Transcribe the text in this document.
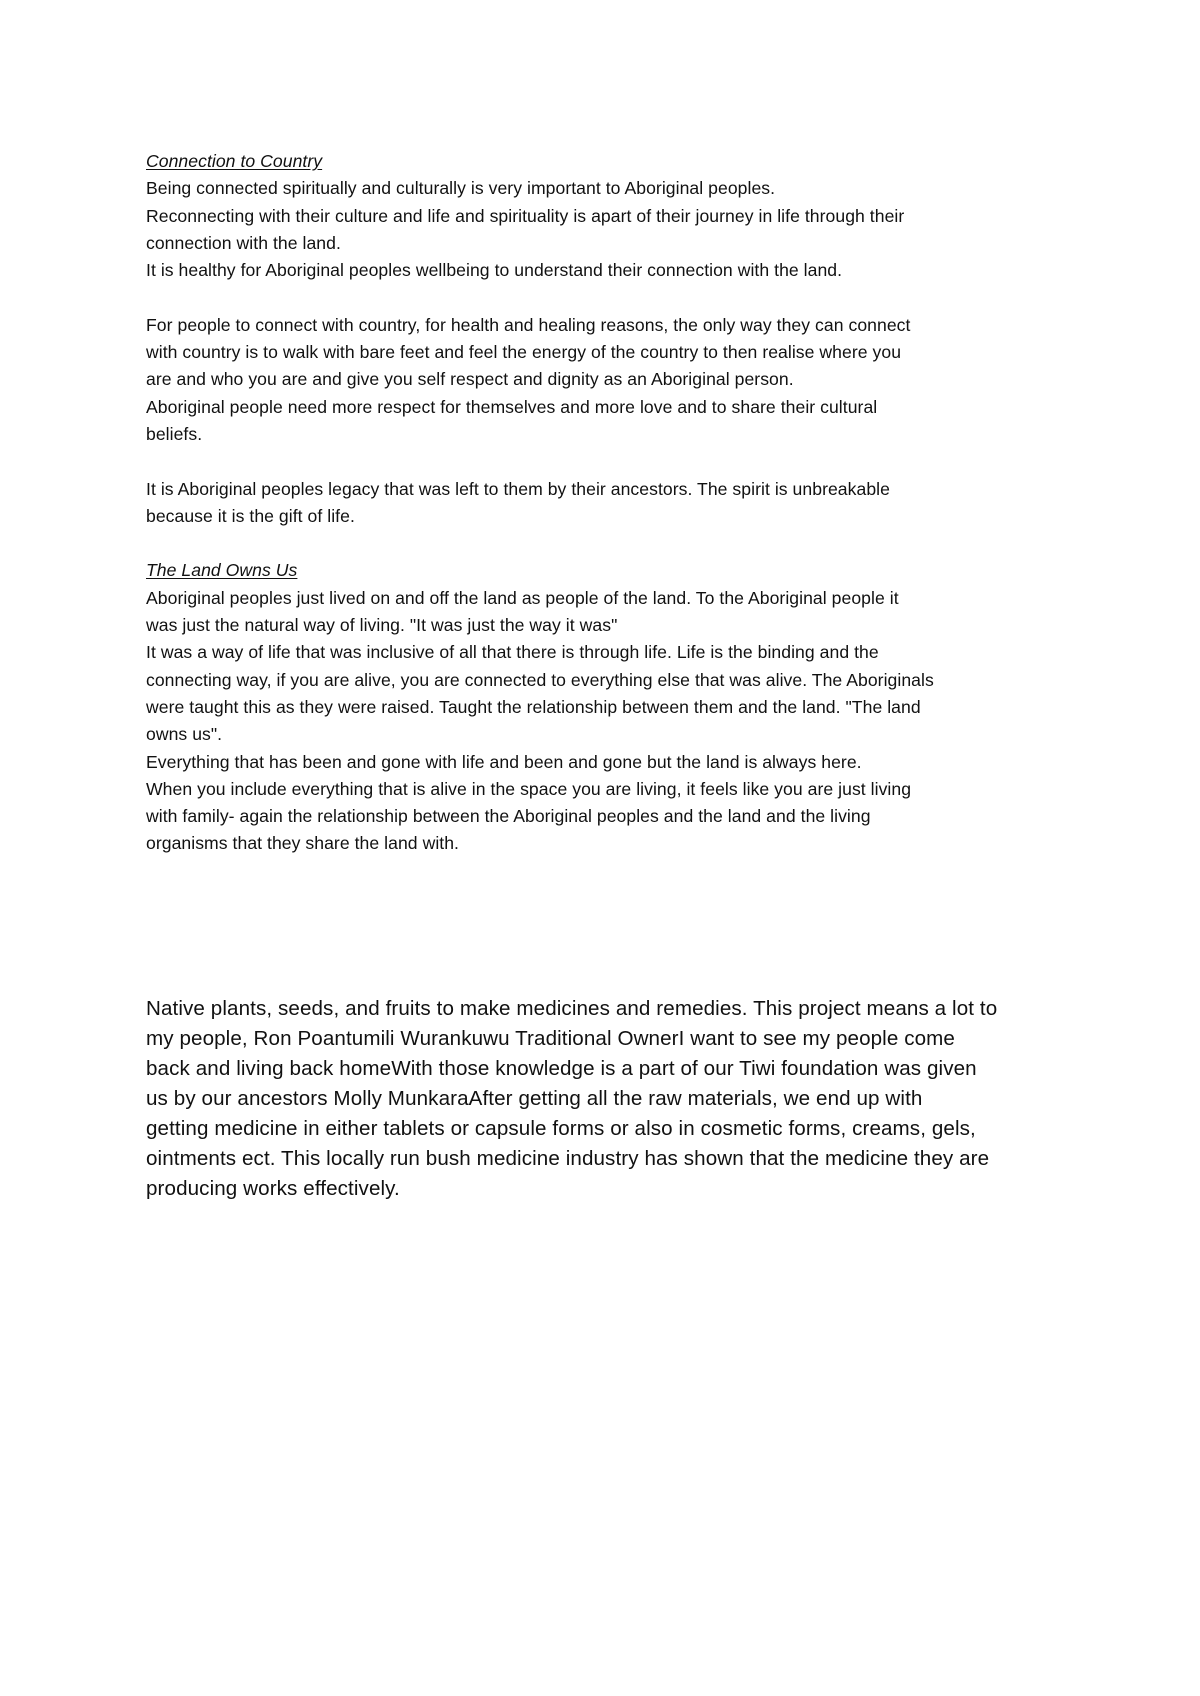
Connection to Country

Being connected spiritually and culturally is very important to Aboriginal peoples.

Reconnecting with their culture and life and spirituality is apart of their journey in life through their

connection with the land.

It is healthy for Aboriginal peoples wellbeing to understand their connection with the land.

For people to connect with country, for health and healing reasons, the only way they can connect

with country is to walk with bare feet and feel the energy of the country to then realise where you

are and who you are and give you self respect and dignity as an Aboriginal person.

Aboriginal people need more respect for themselves and more love and to share their cultural

beliefs.

It is Aboriginal peoples legacy that was left to them by their ancestors. The spirit is unbreakable

because it is the gift of life.

The Land Owns Us

Aboriginal peoples just lived on and off the land as people of the land. To the Aboriginal people it

was just the natural way of living. "It was just the way it was"

It was a way of life that was inclusive of all that there is through life. Life is the binding and the

connecting way, if you are alive, you are connected to everything else that was alive. The Aboriginals

were taught this as they were raised. Taught the relationship between them and the land. "The land

owns us".

Everything that has been and gone with life and been and gone but the land is always here.

When you include everything that is alive in the space you are living, it feels like you are just living

with family- again the relationship between the Aboriginal peoples and the land and the living

organisms that they share the land with.

Native plants, seeds, and fruits to make medicines and remedies. This project means a lot to

my people, Ron Poantumili Wurankuwu Traditional OwnerI want to see my people come

back and living back homeWith those knowledge is a part of our Tiwi foundation was given

us by our ancestors Molly MunkaraAfter getting all the raw materials, we end up with

getting medicine in either tablets or capsule forms or also in cosmetic forms, creams, gels,

ointments ect. This locally run bush medicine industry has shown that the medicine they are

producing works effectively.
